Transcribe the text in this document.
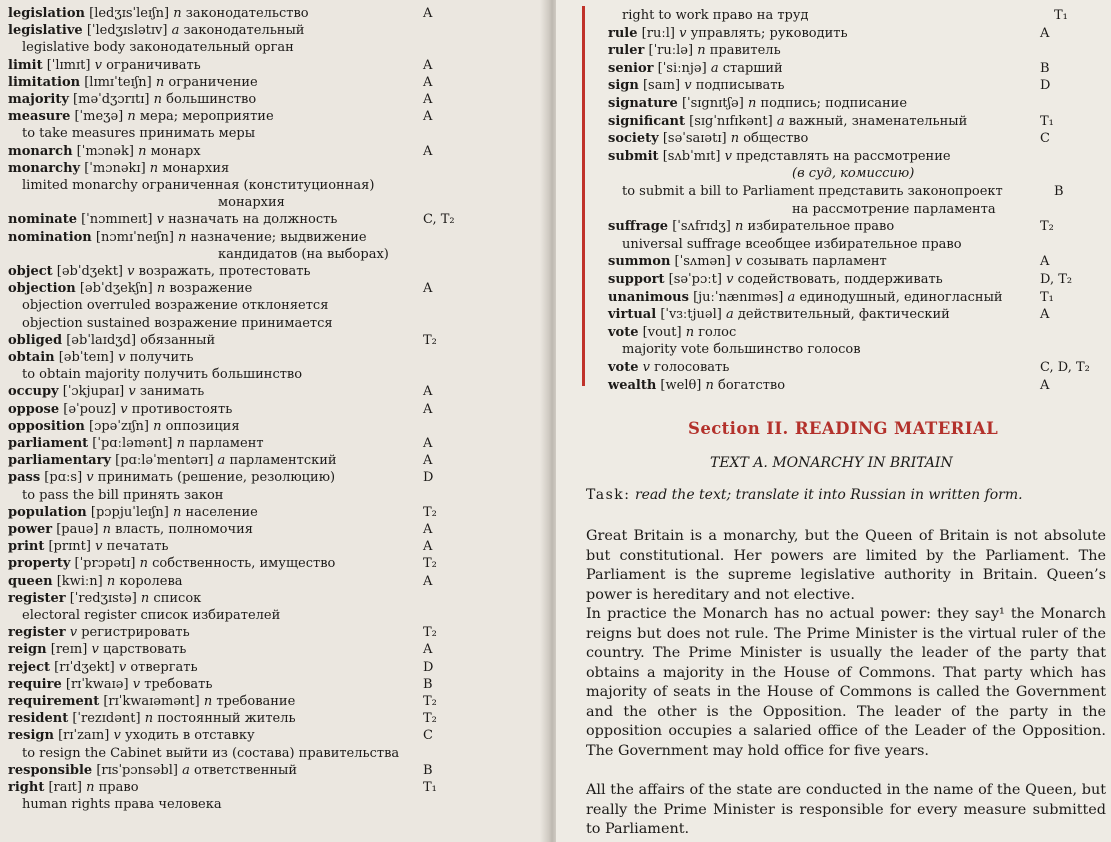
legislation [ledʒɪsˈleɪʃn] n законодательство	A
legislative [ˈledʒɪslətɪv] a законодательный
legislative body законодательный орган
limit [ˈlɪmɪt] v ограничивать	A
limitation [lɪmɪˈteɪʃn] n ограничение	A
majority [məˈdʒɔrɪtɪ] n большинство	A
measure [ˈmeʒə] n мера; мероприятие	A
to take measures принимать меры
monarch [ˈmɔnək] n монарх	A
monarchy [ˈmɔnəkɪ] n монархия
limited monarchy ограниченная (конституционная)
монархия
nominate [ˈnɔmɪneɪt] v назначать на должность	C, T₂
nomination [nɔmɪˈneɪʃn] n назначение; выдвижение
кандидатов (на выборах)
object [əbˈdʒekt] v возражать, протестовать
objection [əbˈdʒekʃn] n возражение	A
objection overruled возражение отклоняется
objection sustained возражение принимается
obliged [əbˈlaɪdʒd] обязанный	T₂
obtain [əbˈteɪn] v получить
to obtain majority получить большинство
occupy [ˈɔkjupaɪ] v занимать	A
oppose [əˈpouz] v противостоять	A
opposition [ɔpəˈzɪʃn] n оппозиция
parliament [ˈpɑːləmənt] n парламент	A
parliamentary [pɑːləˈmentərɪ] a парламентский	A
pass [pɑːs] v принимать (решение, резолюцию)	D
to pass the bill принять закон
population [pɔpjuˈleɪʃn] n население	T₂
power [pauə] n власть, полномочия	A
print [prɪnt] v печатать	A
property [ˈprɔpətɪ] n собственность, имущество	T₂
queen [kwiːn] n королева	A
register [ˈredʒɪstə] n список
electoral register список избирателей
register v регистрировать	T₂
reign [reɪn] v царствовать	A
reject [rɪˈdʒekt] v отвергать	D
require [rɪˈkwaɪə] v требовать	B
requirement [rɪˈkwaɪəmənt] n требование	T₂
resident [ˈrezɪdənt] n постоянный житель	T₂
resign [rɪˈzaɪn] v уходить в отставку	C
to resign the Cabinet выйти из (состава) правительства
responsible [rɪsˈpɔnsəbl] a ответственный	B
right [raɪt] n право	T₁
human rights права человека
right to work право на труд	T₁
rule [ruːl] v управлять; руководить	A
ruler [ˈruːlə] n правитель
senior [ˈsiːnjə] a старший	B
sign [saɪn] v подписывать	D
signature [ˈsɪgnɪtʃə] n подпись; подписание
significant [sɪgˈnɪfɪkənt] a важный, знаменательный	T₁
society [səˈsaɪətɪ] n общество	C
submit [sʌbˈmɪt] v представлять на рассмотрение
(в суд, комиссию)
to submit a bill to Parliament представить законопроект	B
на рассмотрение парламента
suffrage [ˈsʌfrɪdʒ] n избирательное право	T₂
universal suffrage всеобщее избирательное право
summon [ˈsʌmən] v созывать парламент	A
support [səˈpɔːt] v содействовать, поддерживать	D, T₂
unanimous [juːˈnænɪməs] a единодушный, единогласный	T₁
virtual [ˈvɜːtjuəl] a действительный, фактический	A
vote [vout] n голос
majority vote большинство голосов
vote v голосовать	C, D, T₂
wealth [welθ] n богатство	A
Section II. READING MATERIAL
TEXT A. MONARCHY IN BRITAIN
Task: read the text; translate it into Russian in written form.

Great Britain is a monarchy, but the Queen of Britain is not absolute but constitutional. Her powers are limited by the Parliament. The Parliament is the supreme legislative authority in Britain. Queen’s power is hereditary and not elective.

In practice the Monarch has no actual power: they say¹ the Monarch reigns but does not rule. The Prime Minister is the virtual ruler of the country. The Prime Minister is usually the leader of the party that obtains a majority in the House of Commons. That party which has majority of seats in the House of Commons is called the Government and the other is the Opposition. The leader of the party in the opposition occupies a salaried office of the Leader of the Opposition. The Government may hold office for five years.

All the affairs of the state are conducted in the name of the Queen, but really the Prime Minister is responsible for every measure submitted to Parliament.
